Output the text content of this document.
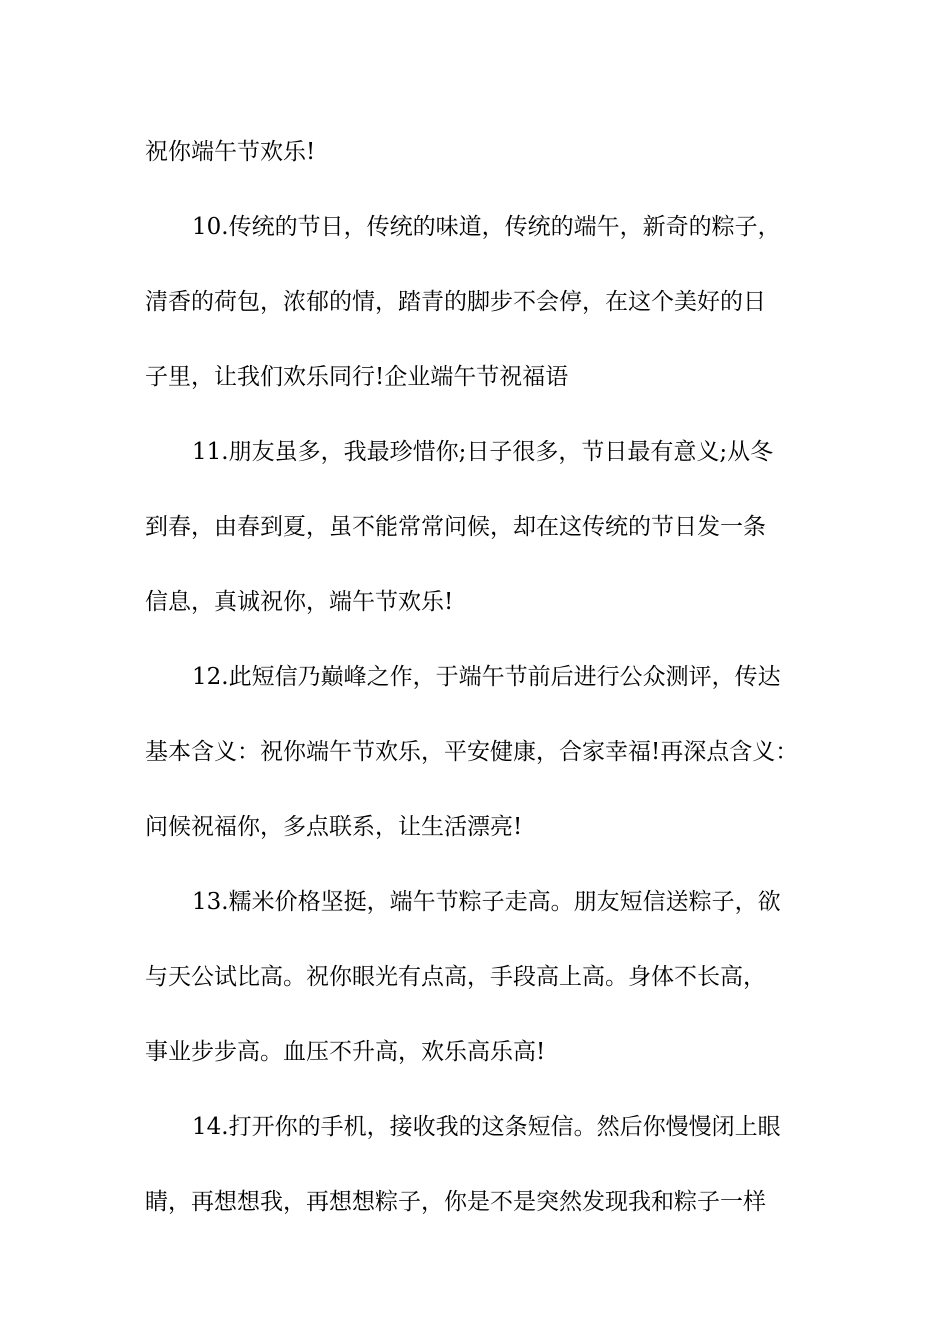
祝你端午节欢乐!

10.传统的节日，传统的味道，传统的端午，新奇的粽子，

清香的荷包，浓郁的情，踏青的脚步不会停，在这个美好的日

子里，让我们欢乐同行!企业端午节祝福语

11.朋友虽多，我最珍惜你;日子很多，节日最有意义;从冬

到春，由春到夏，虽不能常常问候，却在这传统的节日发一条

信息，真诚祝你，端午节欢乐!

12.此短信乃巅峰之作，于端午节前后进行公众测评，传达

基本含义：祝你端午节欢乐，平安健康，合家幸福!再深点含义：

问候祝福你，多点联系，让生活漂亮!

13.糯米价格坚挺，端午节粽子走高。朋友短信送粽子，欲

与天公试比高。祝你眼光有点高，手段高上高。身体不长高，

事业步步高。血压不升高，欢乐高乐高!

14.打开你的手机，接收我的这条短信。然后你慢慢闭上眼

睛，再想想我，再想想粽子，你是不是突然发现我和粽子一样
